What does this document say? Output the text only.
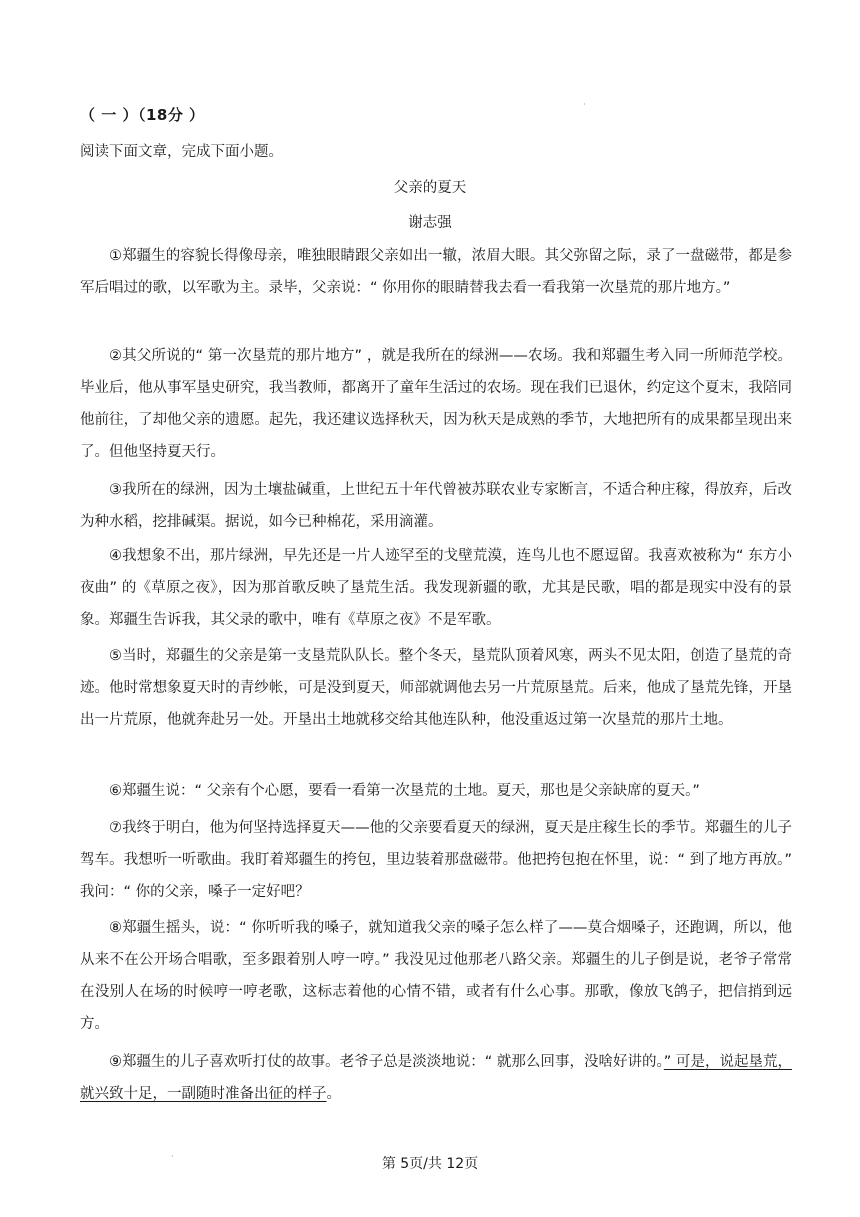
（ 一 ）（18分 ）
阅读下面文章，完成下面小题。
父亲的夏天
谢志强

①郑疆生的容貌长得像母亲，唯独眼睛跟父亲如出一辙，浓眉大眼。其父弥留之际，录了一盘磁带，都是参军后唱过的歌，以军歌为主。录毕，父亲说：“ 你用你的眼睛替我去看一看我第一次垦荒的那片地方。”

②其父所说的“ 第一次垦荒的那片地方” ，就是我所在的绿洲——农场。我和郑疆生考入同一所师范学校。毕业后，他从事军垦史研究，我当教师，都离开了童年生活过的农场。现在我们已退休，约定这个夏末，我陪同他前往，了却他父亲的遗愿。起先，我还建议选择秋天，因为秋天是成熟的季节，大地把所有的成果都呈现出来了。但他坚持夏天行。

③我所在的绿洲，因为土壤盐碱重，上世纪五十年代曾被苏联农业专家断言，不适合种庄稼，得放弃，后改为种水稻，挖排碱渠。据说，如今已种棉花，采用滴灌。

④我想象不出，那片绿洲，早先还是一片人迹罕至的戈壁荒漠，连鸟儿也不愿逗留。我喜欢被称为“ 东方小夜曲” 的《草原之夜》，因为那首歌反映了垦荒生活。我发现新疆的歌，尤其是民歌，唱的都是现实中没有的景象。郑疆生告诉我，其父录的歌中，唯有《草原之夜》不是军歌。

⑤当时，郑疆生的父亲是第一支垦荒队队长。整个冬天，垦荒队顶着风寒，两头不见太阳，创造了垦荒的奇迹。他时常想象夏天时的青纱帐，可是没到夏天，师部就调他去另一片荒原垦荒。后来，他成了垦荒先锋，开垦出一片荒原，他就奔赴另一处。开垦出土地就移交给其他连队种，他没重返过第一次垦荒的那片土地。

⑥郑疆生说：“ 父亲有个心愿，要看一看第一次垦荒的土地。夏天，那也是父亲缺席的夏天。”

⑦我终于明白，他为何坚持选择夏天——他的父亲要看夏天的绿洲，夏天是庄稼生长的季节。郑疆生的儿子驾车。我想听一听歌曲。我盯着郑疆生的挎包，里边装着那盘磁带。他把挎包抱在怀里，说：“ 到了地方再放。” 我问：“ 你的父亲，嗓子一定好吧？

⑧郑疆生摇头，说：“ 你听听我的嗓子，就知道我父亲的嗓子怎么样了——莫合烟嗓子，还跑调，所以，他从来不在公开场合唱歌，至多跟着别人哼一哼。” 我没见过他那老八路父亲。郑疆生的儿子倒是说，老爷子常常在没别人在场的时候哼一哼老歌，这标志着他的心情不错，或者有什么心事。那歌，像放飞鸽子，把信捎到远方。

⑨郑疆生的儿子喜欢听打仗的故事。老爷子总是淡淡地说：“ 就那么回事，没啥好讲的。” 可是，说起垦荒，就兴致十足，一副随时准备出征的样子。

·
·	第 5页/共 12页
